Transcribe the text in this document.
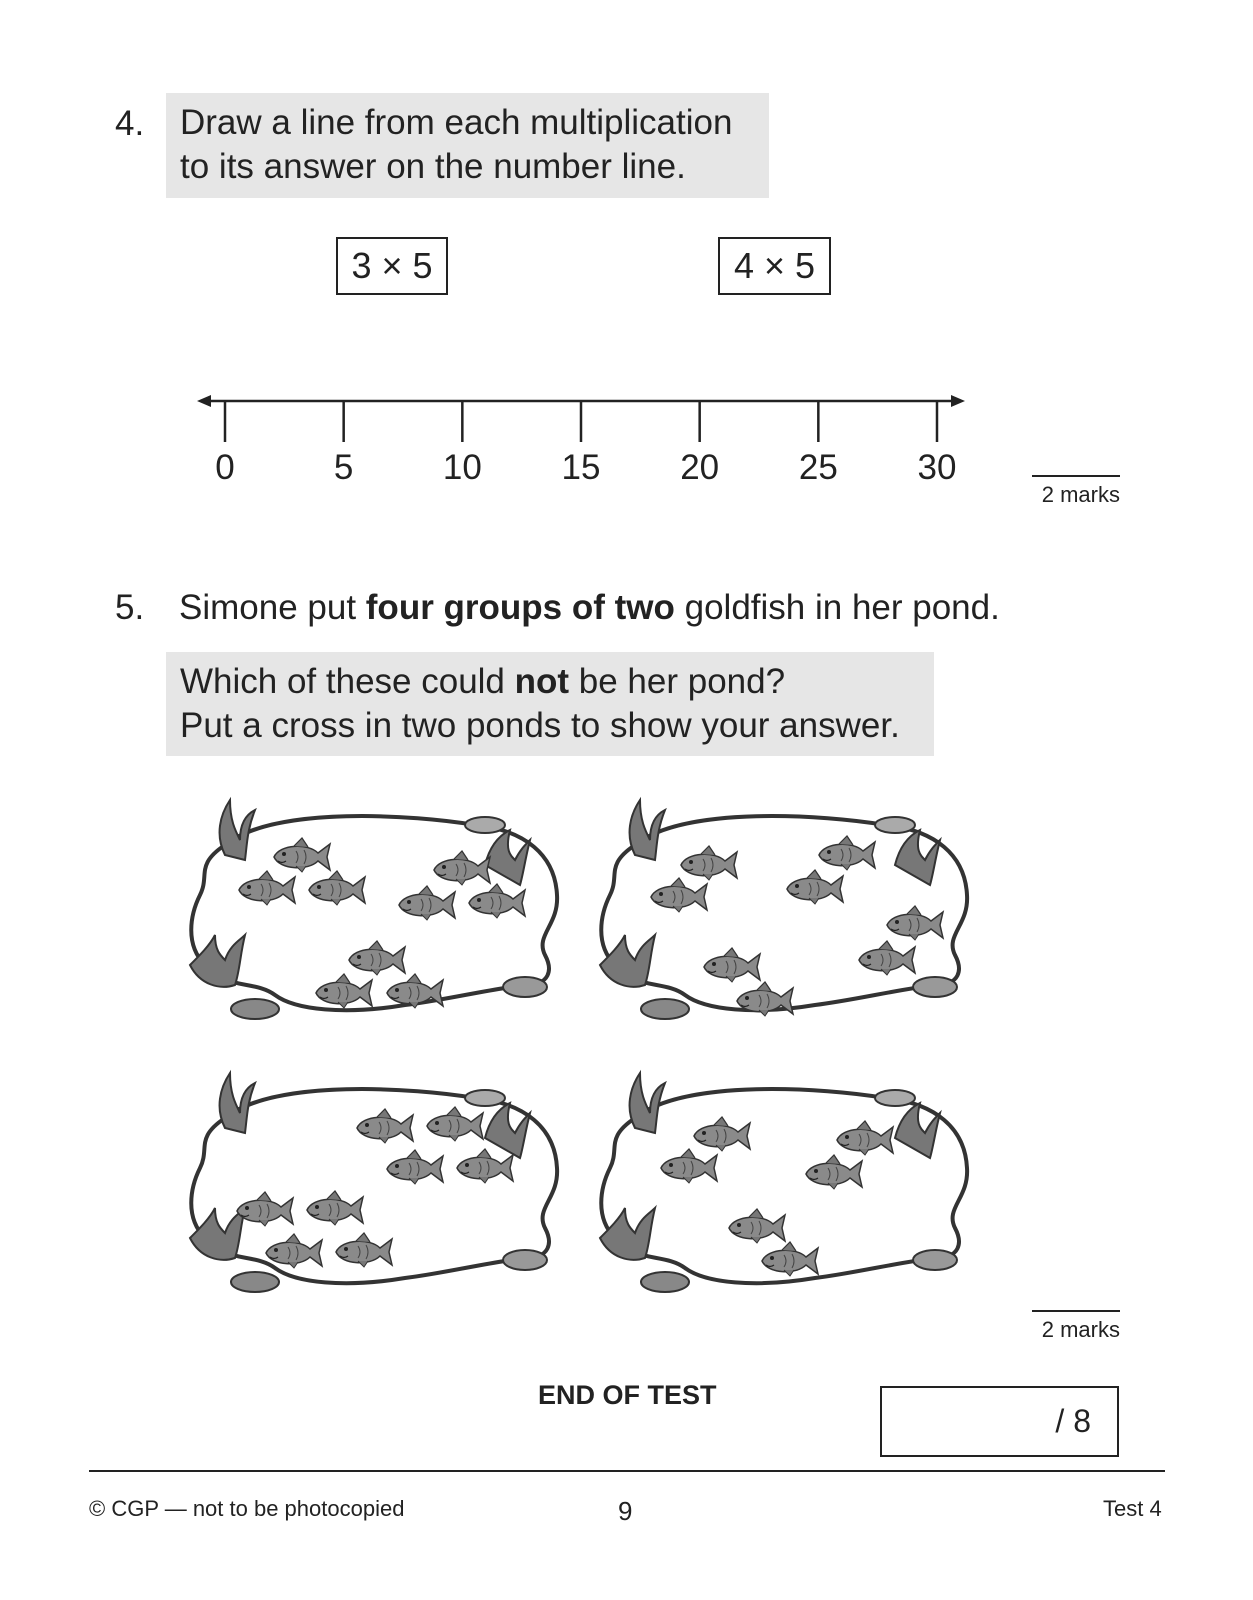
4. Draw a line from each multiplication
to its answer on the number line.
3 × 5	4 × 5
0	5	10	15	20	25	30
2 marks
5. Simone put four groups of two goldfish in her pond.
Which of these could not be her pond?
Put a cross in two ponds to show your answer.
2 marks
END OF TEST
/ 8
© CGP — not to be photocopied	9	Test 4
